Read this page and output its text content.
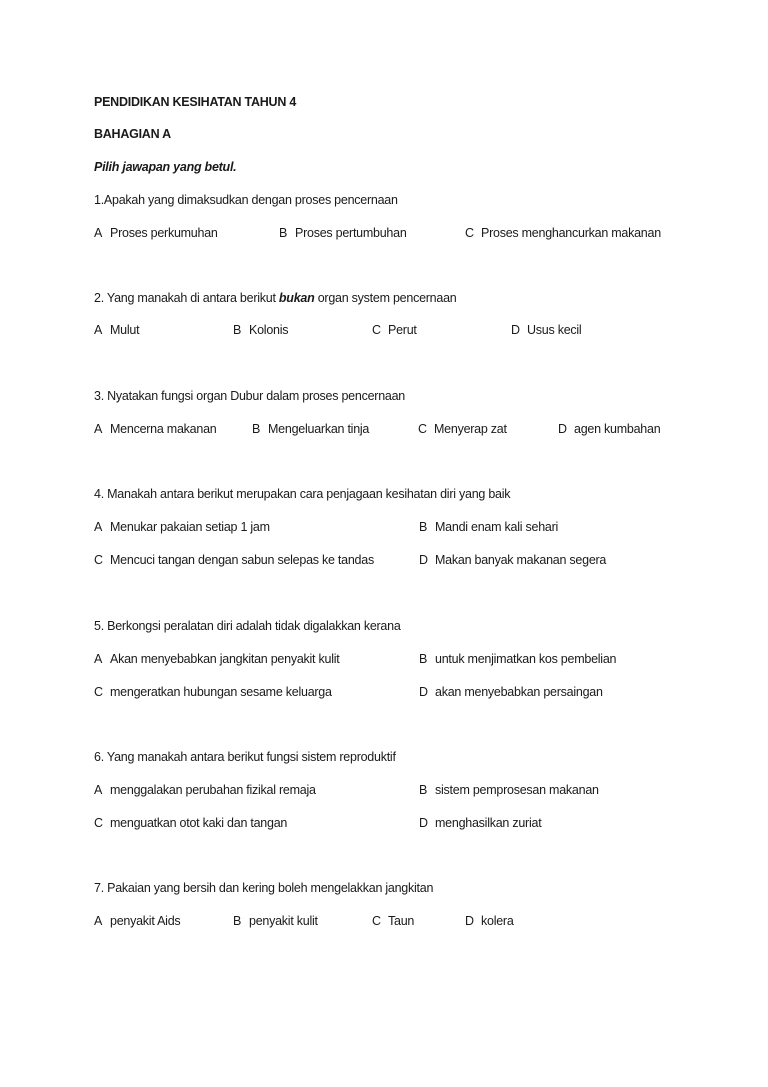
PENDIDIKAN KESIHATAN TAHUN 4
BAHAGIAN A
Pilih jawapan yang betul.
1.Apakah yang dimaksudkan dengan proses pencernaan
A Proses perkumuhan	B Proses pertumbuhan	C Proses menghancurkan makanan
2. Yang manakah di antara berikut bukan organ system pencernaan
A Mulut	B Kolonis	C Perut	D Usus kecil
3. Nyatakan fungsi organ Dubur dalam proses pencernaan
A Mencerna makanan	B Mengeluarkan tinja	C Menyerap zat	D agen kumbahan
4. Manakah antara berikut merupakan cara penjagaan kesihatan diri yang baik
A Menukar pakaian setiap 1 jam	B Mandi enam kali sehari
C Mencuci tangan dengan sabun selepas ke tandas	D Makan banyak makanan segera
5. Berkongsi peralatan diri adalah tidak digalakkan kerana
A Akan menyebabkan jangkitan penyakit kulit	B untuk menjimatkan kos pembelian
C mengeratkan hubungan sesame keluarga	D akan menyebabkan persaingan
6. Yang manakah antara berikut fungsi sistem reproduktif
A menggalakan perubahan fizikal remaja	B sistem pemprosesan makanan
C menguatkan otot kaki dan tangan	D menghasilkan zuriat
7. Pakaian yang bersih dan kering boleh mengelakkan jangkitan
A penyakit Aids	B penyakit kulit	C Taun	D kolera
